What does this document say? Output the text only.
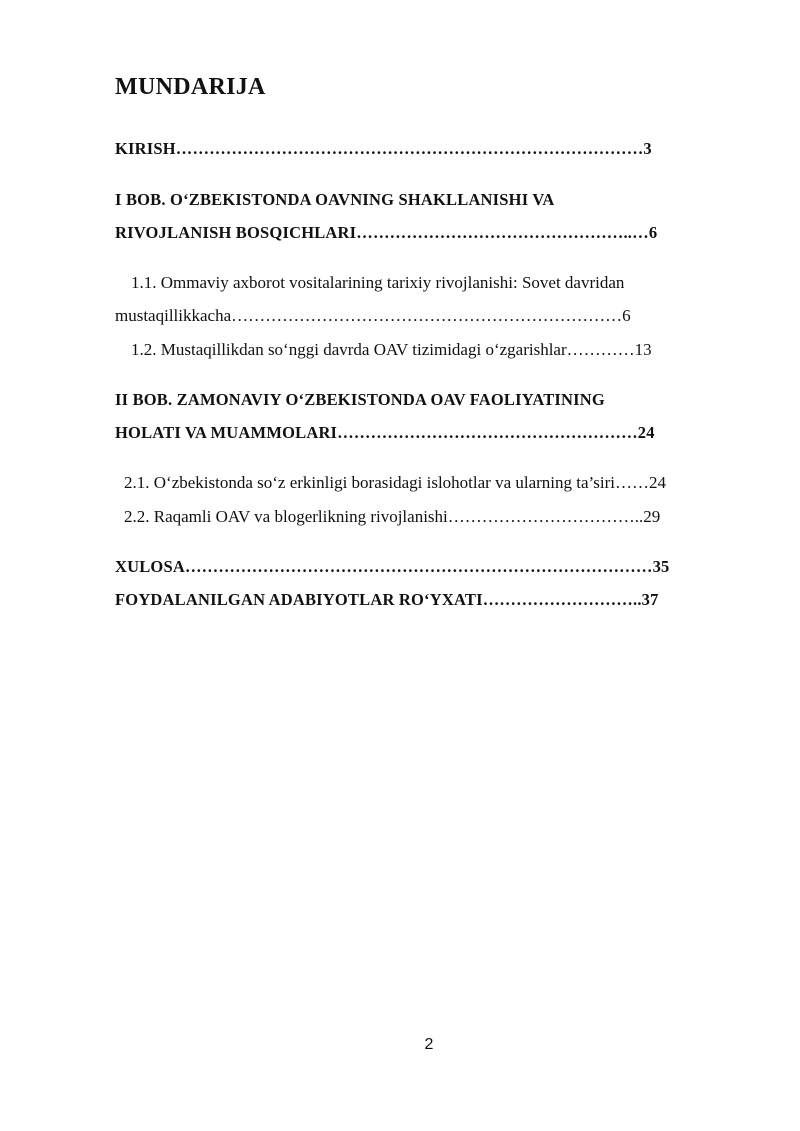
MUNDARIJA
KIRISH…………………………………………………………………………3
I BOB. O‘ZBEKISTONDA OAVNING SHAKLLANISHI VA
RIVOJLANISH BOSQICHLARI…………………………………………..…6
1.1. Ommaviy axborot vositalarining tarixiy rivojlanishi: Sovet davridan
mustaqillikkacha……………………………………………………………6
1.2. Mustaqillikdan so‘nggi davrda OAV tizimidagi o‘zgarishlar…………13
II BOB. ZAMONAVIY O‘ZBEKISTONDA OAV FAOLIYATINING
HOLATI VA MUAMMOLARI………………………………………………24
2.1. O‘zbekistonda so‘z erkinligi borasidagi islohotlar va ularning ta’siri……24
2.2. Raqamli OAV va blogerlikning rivojlanishi……………………………..29
XULOSA…………………………………………………………………………35
FOYDALANILGAN ADABIYOTLAR RO‘YXATI………………………..37
2
